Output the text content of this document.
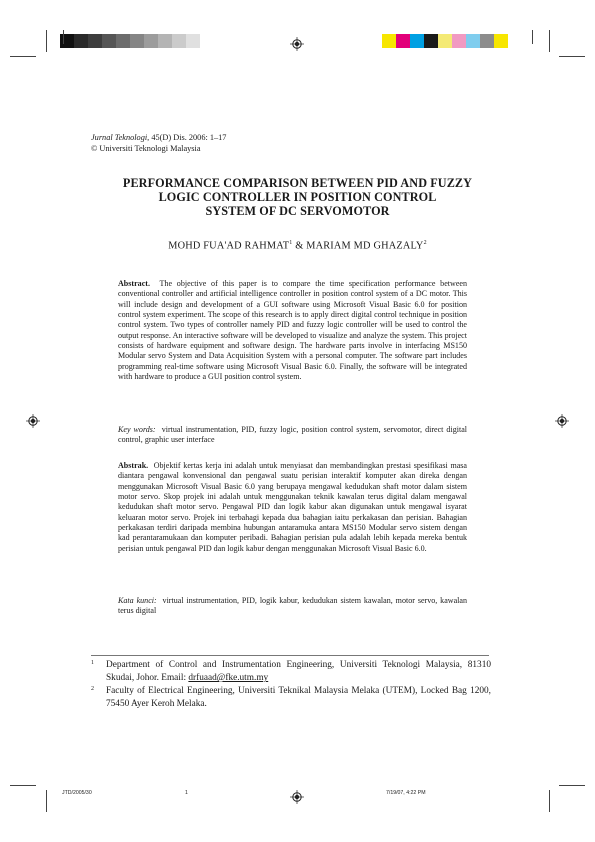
Jurnal Teknologi, 45(D) Dis. 2006: 1–17
© Universiti Teknologi Malaysia
PERFORMANCE COMPARISON BETWEEN PID AND FUZZY
LOGIC CONTROLLER IN POSITION CONTROL
SYSTEM OF DC SERVOMOTOR
MOHD FUA'AD RAHMAT$^1$ & MARIAM MD GHAZALY$^2$
Abstract. The objective of this paper is to compare the time specification performance between conventional controller and artificial intelligence controller in position control system of a DC motor. This will include design and development of a GUI software using Microsoft Visual Basic 6.0 for position control system experiment. The scope of this research is to apply direct digital control technique in position control system. Two types of controller namely PID and fuzzy logic controller will be used to control the output response. An interactive software will be developed to visualize and analyze the system. This project consists of hardware equipment and software design. The hardware parts involve in interfacing MS150 Modular servo System and Data Acquisition System with a personal computer. The software part includes programming real-time software using Microsoft Visual Basic 6.0. Finally, the software will be integrated with hardware to produce a GUI position control system.
Key words: virtual instrumentation, PID, fuzzy logic, position control system, servomotor, direct digital control, graphic user interface
Abstrak. Objektif kertas kerja ini adalah untuk menyiasat dan membandingkan prestasi spesifikasi masa diantara pengawal konvensional dan pengawal suatu perisian interaktif komputer akan direka dengan menggunakan Microsoft Visual Basic 6.0 yang berupaya mengawal kedudukan shaft motor dalam sistem motor servo. Skop projek ini adalah untuk menggunakan teknik kawalan terus digital dalam mengawal kedudukan shaft motor servo. Pengawal PID dan logik kabur akan digunakan untuk mengawal isyarat keluaran motor servo. Projek ini terbahagi kepada dua bahagian iaitu perkakasan dan perisian. Bahagian perkakasan terdiri daripada membina hubungan antaramuka antara MS150 Modular servo sistem dengan kad perantaramukaan dan komputer peribadi. Bahagian perisian pula adalah lebih kepada mereka bentuk perisian untuk pengawal PID dan logik kabur dengan menggunakan Microsoft Visual Basic 6.0.
Kata kunci: virtual instrumentation, PID, logik kabur, kedudukan sistem kawalan, motor servo, kawalan terus digital
1 Department of Control and Instrumentation Engineering, Universiti Teknologi Malaysia, 81310 Skudai, Johor. Email: drfuaad@fke.utm.my
2 Faculty of Electrical Engineering, Universiti Teknikal Malaysia Melaka (UTEM), Locked Bag 1200, 75450 Ayer Keroh Melaka.
JTD/2005/30	1	7/19/07, 4:22 PM
